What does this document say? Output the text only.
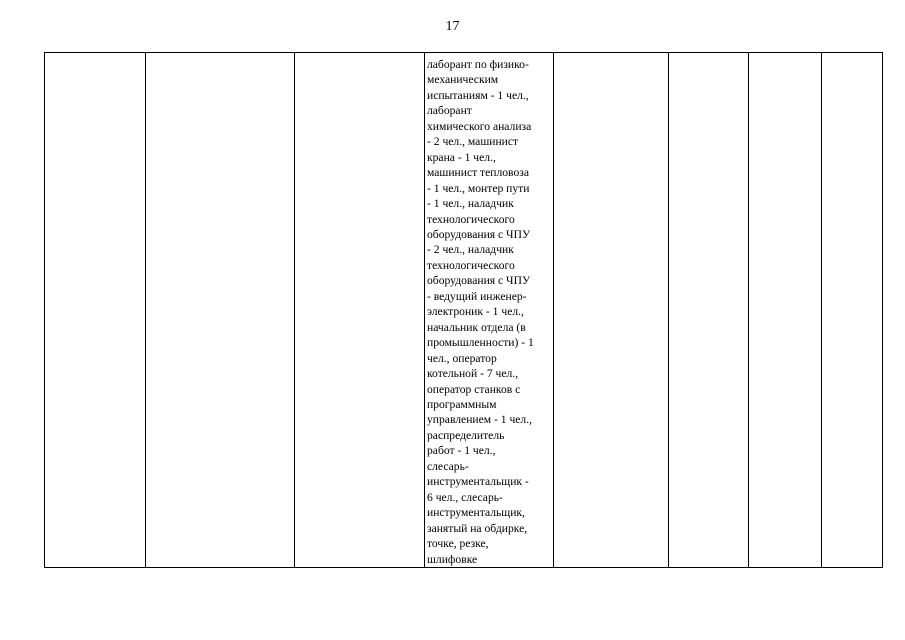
17

лаборант по физико-
механическим
испытаниям - 1 чел.,
лаборант
химического анализа
- 2 чел., машинист
крана - 1 чел.,
машинист тепловоза
- 1 чел., монтер пути
- 1 чел., наладчик
технологического
оборудования с ЧПУ
- 2 чел., наладчик
технологического
оборудования с ЧПУ
- ведущий инженер-
электроник - 1 чел.,
начальник отдела (в
промышленности) - 1
чел., оператор
котельной - 7 чел.,
оператор станков с
программным
управлением - 1 чел.,
распределитель
работ - 1 чел.,
слесарь-
инструментальщик -
6 чел., слесарь-
инструментальщик,
занятый на обдирке,
точке, резке,
шлифовке
